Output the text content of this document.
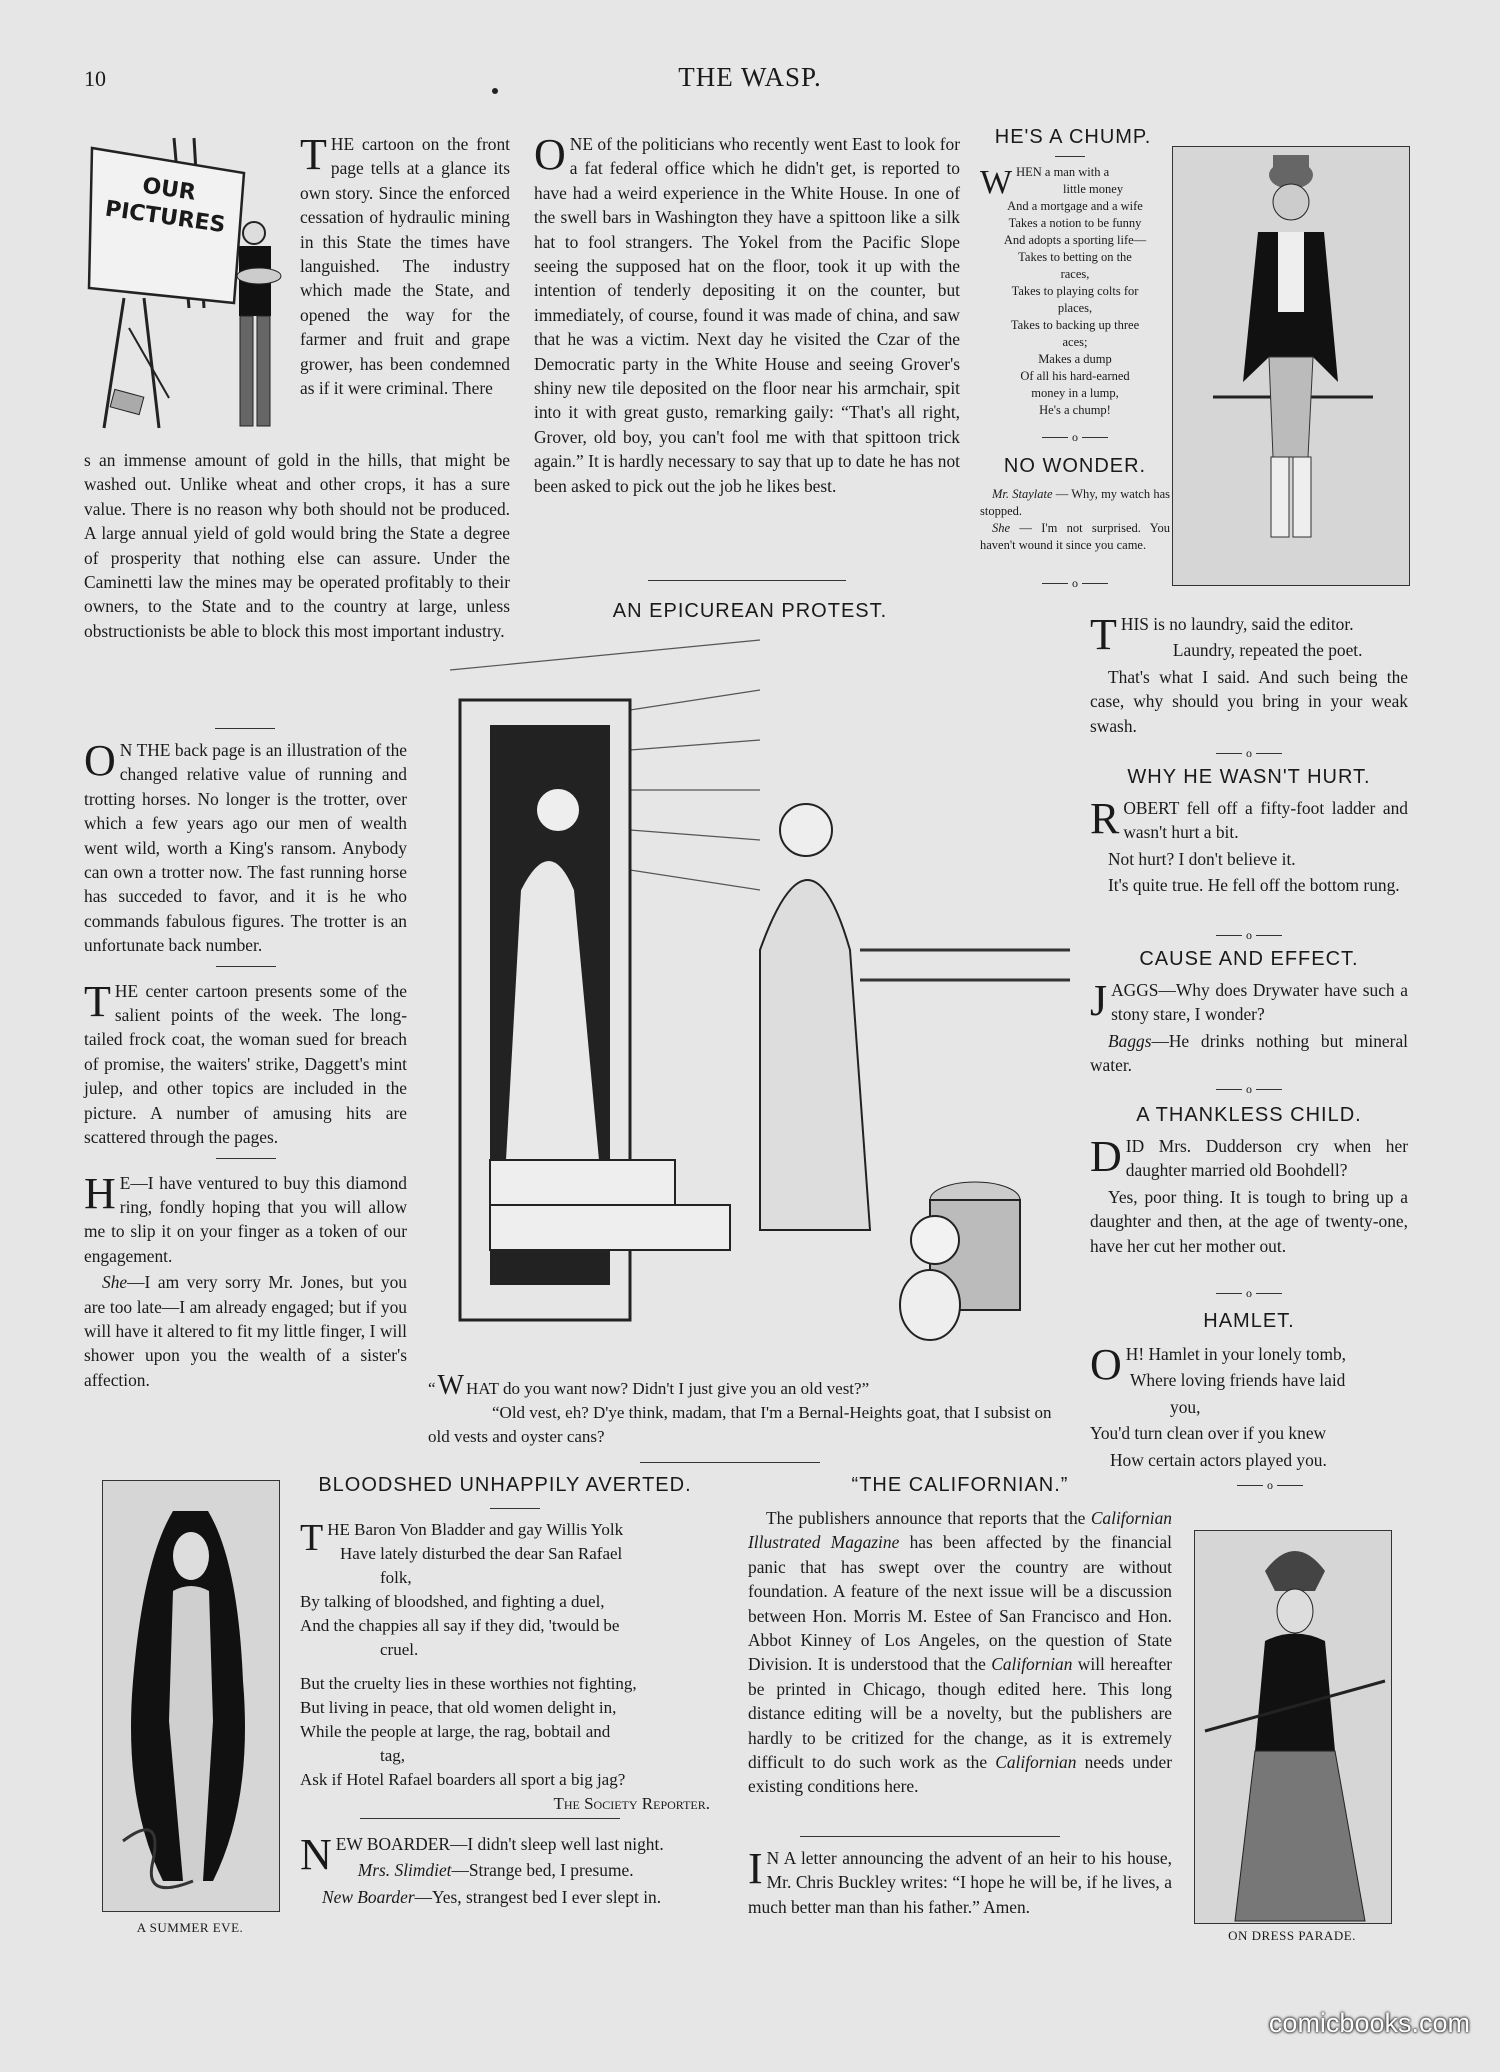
10	THE WASP.
OUR PICTURES

THE cartoon on the front page tells at a glance its own story. Since the enforced cessation of hydraulic mining in this State the times have languished. The industry which made the State, and opened the way for the farmer and fruit and grape grower, has been condemned as if it were criminal. There

s an immense amount of gold in the hills, that might be washed out. Unlike wheat and other crops, it has a sure value. There is no reason why both should not be produced. A large annual yield of gold would bring the State a degree of prosperity that nothing else can assure. Under the Caminetti law the mines may be operated profitably to their owners, to the State and to the country at large, unless obstructionists be able to block this most important industry.

O N THE back page is an illustration of the changed relative value of running and trotting horses. No longer is the trotter, over which a few years ago our men of wealth went wild, worth a King's ransom. Anybody can own a trotter now. The fast running horse has succeded to favor, and it is he who commands fabulous figures. The trotter is an unfortunate back number.

THE center cartoon presents some of the salient points of the week. The long-tailed frock coat, the woman sued for breach of promise, the waiters' strike, Daggett's mint julep, and other topics are included in the picture. A number of amusing hits are scattered through the pages.

H E—I have ventured to buy this diamond ring, fondly hoping that you will allow me to slip it on your finger as a token of our engagement.

She—I am very sorry Mr. Jones, but you are too late—I am already engaged; but if you will have it altered to fit my little finger, I will shower upon you the wealth of a sister's affection.

ONE of the politicians who recently went East to look for a fat federal office which he didn't get, is reported to have had a weird experience in the White House. In one of the swell bars in Washington they have a spittoon like a silk hat to fool strangers. The Yokel from the Pacific Slope seeing the supposed hat on the floor, took it up with the intention of tenderly depositing it on the counter, but immediately, of course, found it was made of china, and saw that he was a victim. Next day he visited the Czar of the Democratic party in the White House and seeing Grover's shiny new tile deposited on the floor near his armchair, spit into it with great gusto, remarking gaily: “That's all right, Grover, old boy, you can't fool me with that spittoon trick again.” It is hardly necessary to say that up to date he has not been asked to pick out the job he likes best.

HE'S A CHUMP.

WHEN a man with a

little money

And a mortgage and a wife

Takes a notion to be funny

And adopts a sporting life—

Takes to betting on the

races,

Takes to playing colts for

places,

Takes to backing up three

aces;

Makes a dump

Of all his hard-earned

money in a lump,

He's a chump!

o
NO WONDER.

Mr. Staylate — Why, my watch has stopped.

She — I'm not surprised. You haven't wound it since you came.

o

THIS is no laundry, said the editor.

Laundry, repeated the poet.

That's what I said. And such being the case, why should you bring in your weak swash.

o
WHY HE WASN'T HURT.

ROBERT fell off a fifty-foot ladder and wasn't hurt a bit.

Not hurt? I don't believe it.

It's quite true. He fell off the bottom rung.

o
CAUSE AND EFFECT.

JAGGS—Why does Drywater have such a stony stare, I wonder?

Baggs—He drinks nothing but mineral water.

o
A THANKLESS CHILD.

DID Mrs. Dudderson cry when her daughter married old Boohdell?

Yes, poor thing. It is tough to bring up a daughter and then, at the age of twenty-one, have her cut her mother out.

o
HAMLET.

O H! Hamlet in your lonely tomb,

Where loving friends have laid

you,

You'd turn clean over if you knew

How certain actors played you.

o
AN EPICUREAN PROTEST.
“W HAT do you want now? Didn't I just give you an old vest?”
“Old vest, eh? D'ye think, madam, that I'm a Bernal-Heights goat, that I subsist on old vests and oyster cans?
A SUMMER EVE.
BLOODSHED UNHAPPILY AVERTED.

THE Baron Von Bladder and gay Willis Yolk

Have lately disturbed the dear San Rafael

folk,

By talking of bloodshed, and fighting a duel,

And the chappies all say if they did, 'twould be

cruel.

But the cruelty lies in these worthies not fighting,

But living in peace, that old women delight in,

While the people at large, the rag, bobtail and

tag,

Ask if Hotel Rafael boarders all sport a big jag?

The Society Reporter.

NEW BOARDER—I didn't sleep well last night.

Mrs. Slimdiet—Strange bed, I presume.

New Boarder—Yes, strangest bed I ever slept in.

“THE CALIFORNIAN.”

The publishers announce that reports that the Californian Illustrated Magazine has been affected by the financial panic that has swept over the country are without foundation. A feature of the next issue will be a discussion between Hon. Morris M. Estee of San Francisco and Hon. Abbot Kinney of Los Angeles, on the question of State Division. It is understood that the Californian will hereafter be printed in Chicago, though edited here. This long distance editing will be a novelty, but the publishers are hardly to be critized for the change, as it is extremely difficult to do such work as the Californian needs under existing conditions here.

I N A letter announcing the advent of an heir to his house, Mr. Chris Buckley writes: “I hope he will be, if he lives, a much better man than his father.” Amen.

ON DRESS PARADE.
comicbooks.com
